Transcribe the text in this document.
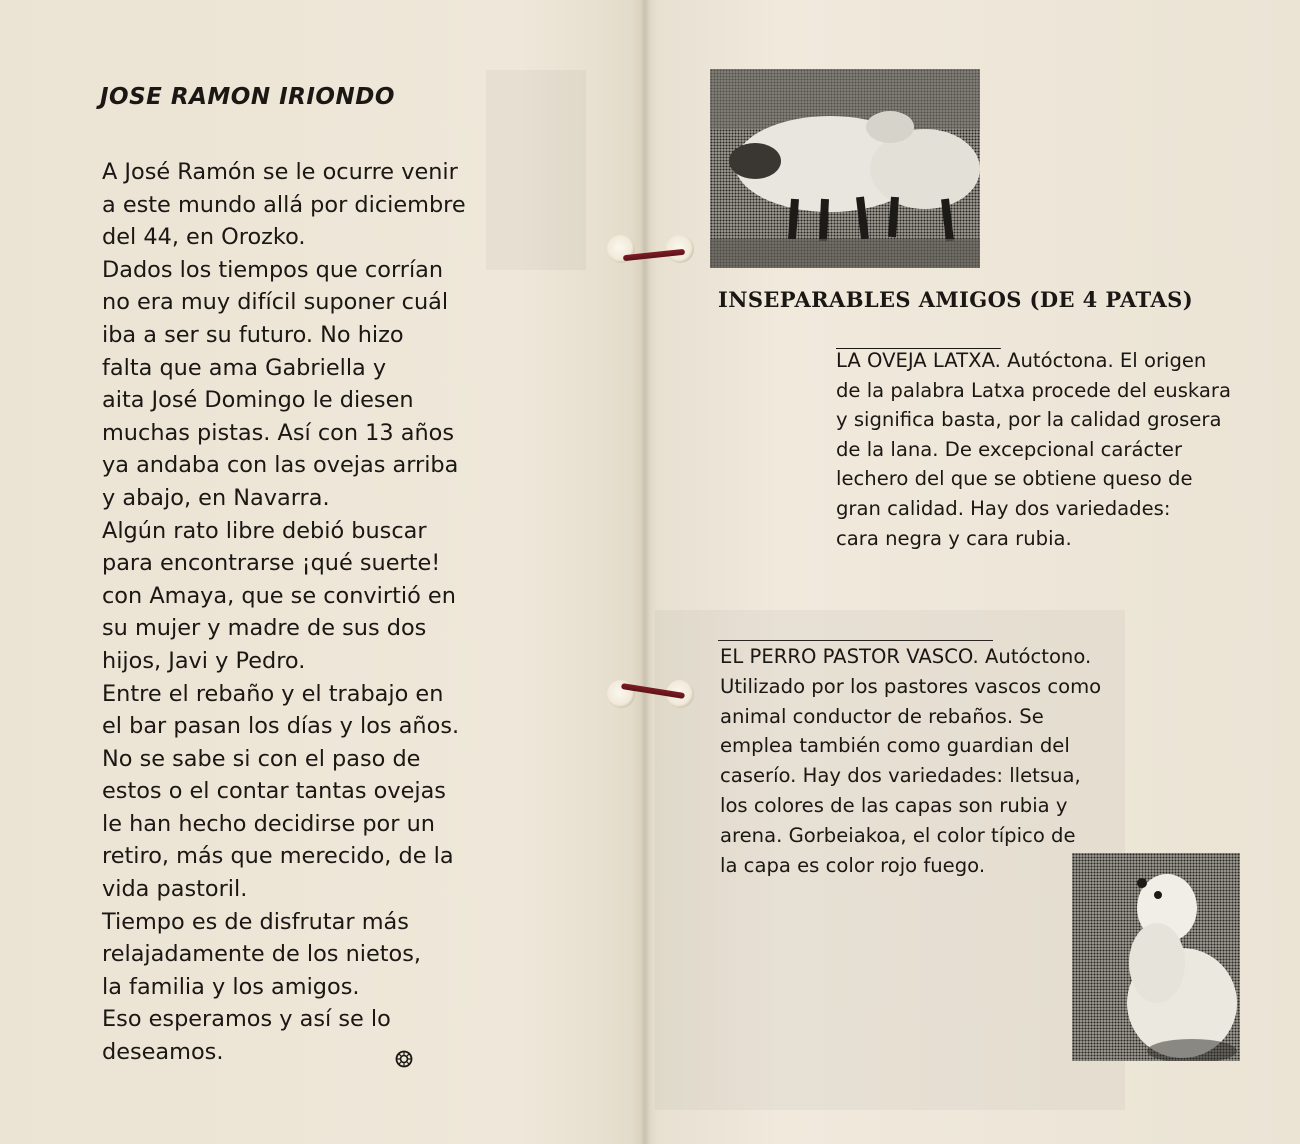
JOSE RAMON IRIONDO
A José Ramón se le ocurre venir
a este mundo allá por diciembre
del 44, en Orozko.
Dados los tiempos que corrían
no era muy difícil suponer cuál
iba a ser su futuro. No hizo
falta que ama Gabriella y
aita José Domingo le diesen
muchas pistas. Así con 13 años
ya andaba con las ovejas arriba
y abajo, en Navarra.
Algún rato libre debió buscar
para encontrarse ¡qué suerte!
con Amaya, que se convirtió en
su mujer y madre de sus dos
hijos, Javi y Pedro.
Entre el rebaño y el trabajo en
el bar pasan los días y los años.
No se sabe si con el paso de
estos o el contar tantas ovejas
le han hecho decidirse por un
retiro, más que merecido, de la
vida pastoril.
Tiempo es de disfrutar más
relajadamente de los nietos,
la familia y los amigos.
Eso esperamos y así se lo
deseamos.
INSEPARABLES AMIGOS (DE 4 PATAS)
LA OVEJA LATXA. Autóctona. El origen
de la palabra Latxa procede del euskara
y significa basta, por la calidad grosera
de la lana. De excepcional carácter
lechero del que se obtiene queso de
gran calidad. Hay dos variedades:
cara negra y cara rubia.
EL PERRO PASTOR VASCO. Autóctono.
Utilizado por los pastores vascos como
animal conductor de rebaños. Se
emplea también como guardian del
caserío. Hay dos variedades: lletsua,
los colores de las capas son rubia y
arena. Gorbeiakoa, el color típico de
la capa es color rojo fuego.
